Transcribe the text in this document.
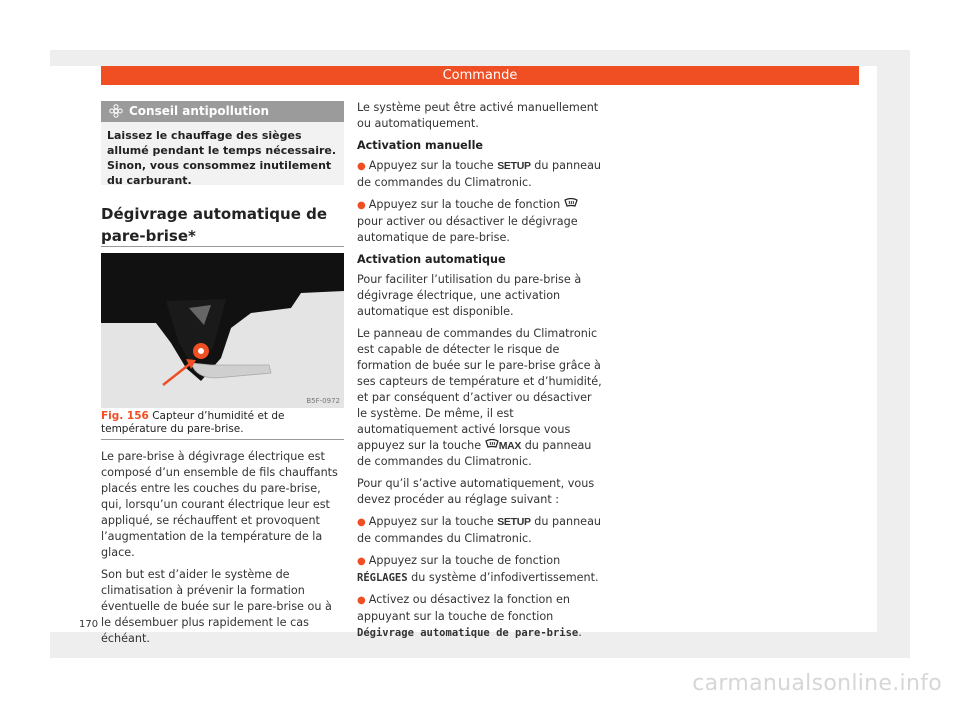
Commande
Conseil antipollution
Laissez le chauffage des sièges allumé pendant le temps nécessaire. Sinon, vous consommez inutilement du carburant.
Dégivrage automatique de pare-brise*
B5F-0972
Fig. 156 Capteur d’humidité et de température du pare-brise.

Le pare-brise à dégivrage électrique est composé d’un ensemble de fils chauffants placés entre les couches du pare-brise, qui, lorsqu’un courant électrique leur est appliqué, se réchauffent et provoquent l’augmentation de la température de la glace.

Son but est d’aider le système de climatisation à prévenir la formation éventuelle de buée sur le pare-brise ou à le désembuer plus rapidement le cas échéant.

Le système peut être activé manuellement ou automatiquement.

Activation manuelle

● Appuyez sur la touche SETUP du panneau de commandes du Climatronic.

● Appuyez sur la touche de fonction  pour activer ou désactiver le dégivrage automatique de pare-brise.

Activation automatique

Pour faciliter l’utilisation du pare-brise à dégivrage électrique, une activation automatique est disponible.

Le panneau de commandes du Climatronic est capable de détecter le risque de formation de buée sur le pare-brise grâce à ses capteurs de température et d’humidité, et par conséquent d’activer ou désactiver le système. De même, il est automatiquement activé lorsque vous appuyez sur la touche MAX du panneau de commandes du Climatronic.

Pour qu’il s’active automatiquement, vous devez procéder au réglage suivant :

● Appuyez sur la touche SETUP du panneau de commandes du Climatronic.

● Appuyez sur la touche de fonction RÉGLAGES du système d’infodivertissement.

● Activez ou désactivez la fonction en appuyant sur la touche de fonction Dégivrage automatique de pare-brise.

170
carmanualsonline.info
